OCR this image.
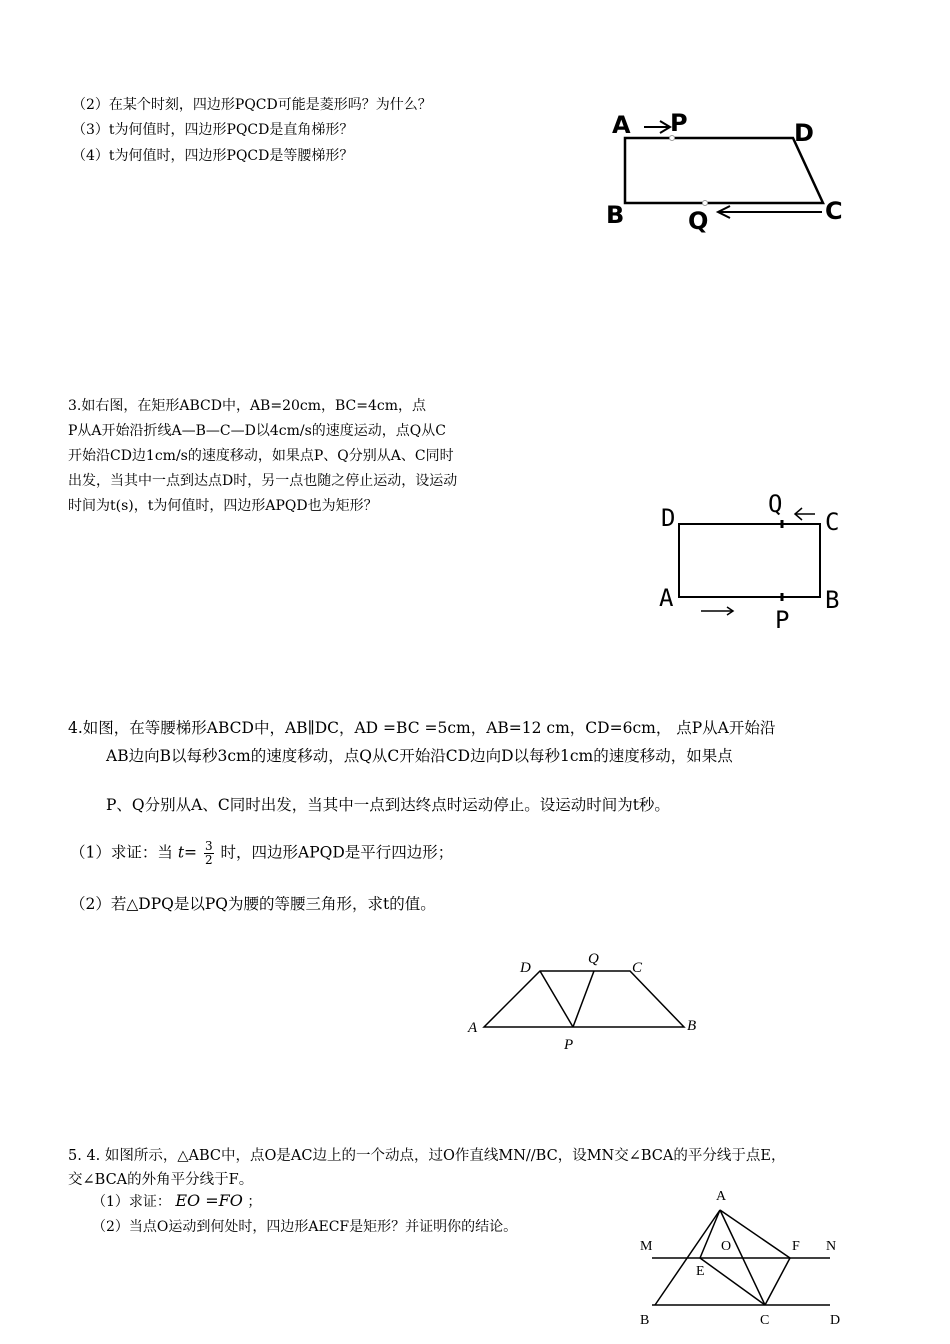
（2）在某个时刻，四边形PQCD可能是菱形吗？为什么？
（3）t为何值时，四边形PQCD是直角梯形？
（4）t为何值时，四边形PQCD是等腰梯形？
A P	D
B	Q	C
3.如右图，在矩形ABCD中，AB=20cm，BC=4cm，点
P从A开始沿折线A—B—C—D以4cm/s的速度运动，点Q从C
开始沿CD边1cm/s的速度移动，如果点P、Q分别从A、C同时
出发，当其中一点到达点D时，另一点也随之停止运动，设运动
时间为t(s)，t为何值时，四边形APQD也为矩形？	D	Q
C
A
P
B
4.如图，在等腰梯形ABCD中，AB∥DC，AD =BC =5cm，AB=12 cm，CD=6cm， 点P从A开始沿
AB边向B以每秒3cm的速度移动，点Q从C开始沿CD边向D以每秒1cm的速度移动，如果点
P、Q分别从A、C同时出发，当其中一点到达终点时运动停止。设运动时间为t秒。
（1）求证：当 $t= \frac{3}{2}$ 时，四边形APQD是平行四边形；
（2）若△DPQ是以PQ为腰的等腰三角形，求t的值。
D
Q
C
A
P
B
5. 4. 如图所示，△ABC中，点O是AC边上的一个动点，过O作直线MN//BC，设MN交∠BCA的平分线于点E，
交∠BCA的外角平分线于F。
（1）求证： EO =FO ；
（2）当点O运动到何处时，四边形AECF是矩形？并证明你的结论。
A
M	O	F N
E
B	C	D
